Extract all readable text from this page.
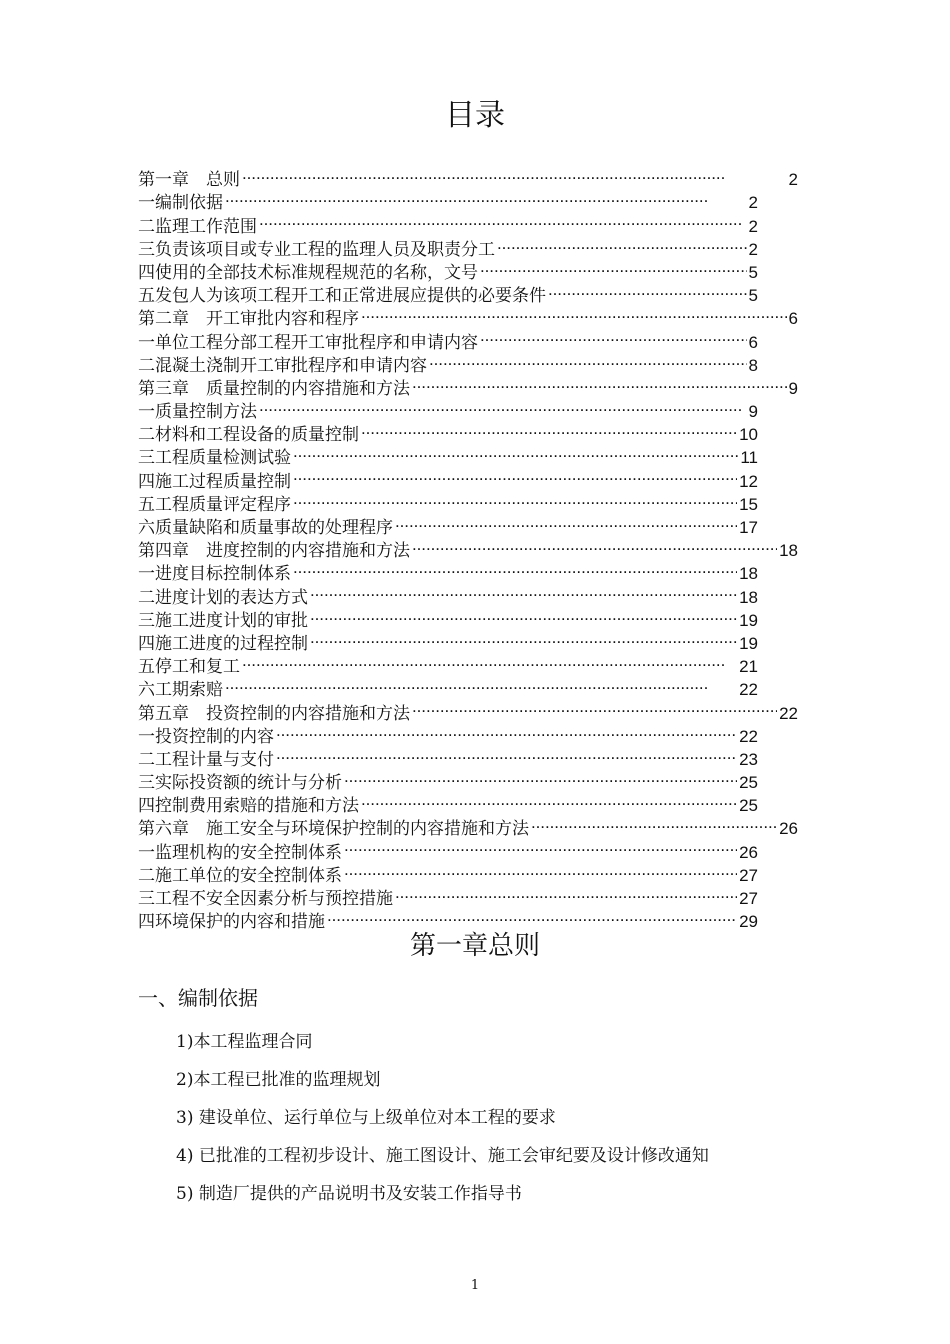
目录
第一章　总则 . . .	2
一编制依据 . . .	2
二监理工作范围 . . .	2
三负责该项目或专业工程的监理人员及职责分工 . . .	2
四使用的全部技术标准规程规范的名称，文号 . . .	5
五发包人为该项工程开工和正常进展应提供的必要条件 . . .	5
第二章　开工审批内容和程序 . . .	6
一单位工程分部工程开工审批程序和申请内容 . . .	6
二混凝土浇制开工审批程序和申请内容 . . .	8
第三章　质量控制的内容措施和方法 . . .	9
一质量控制方法 . . .	9
二材料和工程设备的质量控制 . . .	10
三工程质量检测试验 . . .	11
四施工过程质量控制 . . .	12
五工程质量评定程序 . . .	15
六质量缺陷和质量事故的处理程序 . . .	17
第四章　进度控制的内容措施和方法 . . .	18
一进度目标控制体系 . . .	18
二进度计划的表达方式 . . .	18
三施工进度计划的审批 . . .	19
四施工进度的过程控制 . . .	19
五停工和复工 . . .	21
六工期索赔 . . .	22
第五章　投资控制的内容措施和方法 . . .	22
一投资控制的内容 . . .	22
二工程计量与支付 . . .	23
三实际投资额的统计与分析 . . .	25
四控制费用索赔的措施和方法 . . .	25
第六章　施工安全与环境保护控制的内容措施和方法 . . .	26
一监理机构的安全控制体系 . . .	26
二施工单位的安全控制体系 . . .	27
三工程不安全因素分析与预控措施 . . .	27
四环境保护的内容和措施 . . .	29
第一章总则
一、编制依据
1)本工程监理合同
2)本工程已批准的监理规划
3) 建设单位、运行单位与上级单位对本工程的要求
4) 已批准的工程初步设计、施工图设计、施工会审纪要及设计修改通知
5) 制造厂提供的产品说明书及安装工作指导书
1
